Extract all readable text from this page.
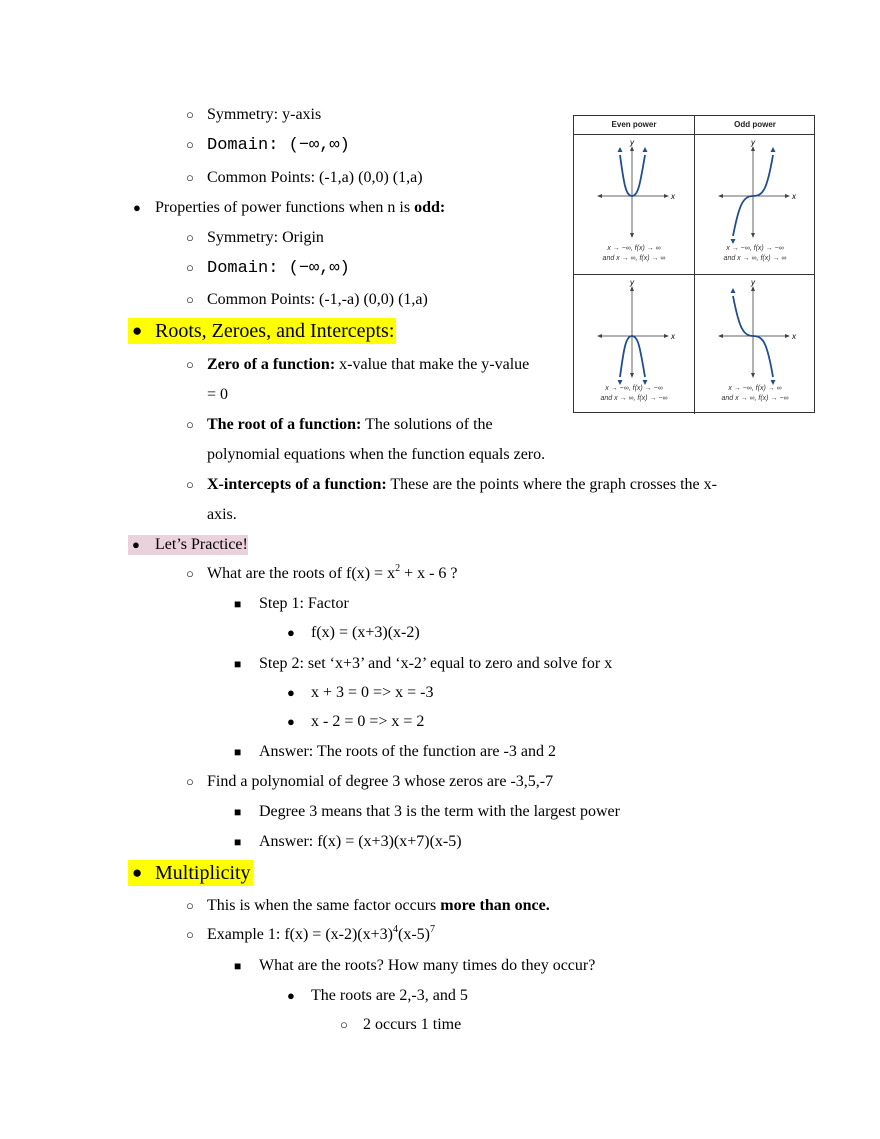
○ Symmetry: y-axis
○ Domain: (−∞,∞)
○ Common Points: (-1,a) (0,0) (1,a)
● Properties of power functions when n is odd:
○ Symmetry: Origin
○ Domain: (−∞,∞)
○ Common Points: (-1,-a) (0,0) (1,a)
● Roots, Zeroes, and Intercepts:
○ Zero of a function: x-value that make the y-value
= 0
○ The root of a function: The solutions of the
polynomial equations when the function equals zero.
○ X-intercepts of a function: These are the points where the graph crosses the x-
axis.
● Let’s Practice!
○ What are the roots of $f(x) = x^2 + x - 6$ ?
■ Step 1: Factor
● f(x) = (x+3)(x-2)
■ Step 2: set ‘x+3’ and ‘x-2’ equal to zero and solve for x
● x + 3 = 0 => x = -3
● x - 2 = 0 => x = 2
■ Answer: The roots of the function are -3 and 2
○ Find a polynomial of degree 3 whose zeros are -3,5,-7
■ Degree 3 means that 3 is the term with the largest power
■ Answer: f(x) = (x+3)(x+7)(x-5)
● Multiplicity
○ This is when the same factor occurs more than once.
○ Example 1: $f(x) = (x-2)(x+3)^4(x-5)^7$
■ What are the roots? How many times do they occur?
● The roots are 2,-3, and 5
○ 2 occurs 1 time
Even power	Odd power
x
y
x → −∞, f(x) → ∞
and x → ∞, f(x) → ∞
x
y
x → −∞, f(x) → −∞
and x → ∞, f(x) → ∞
x
y
x → −∞, f(x) → −∞
and x → ∞, f(x) → −∞
x
y
x → −∞, f(x) → ∞
and x → ∞, f(x) → −∞
